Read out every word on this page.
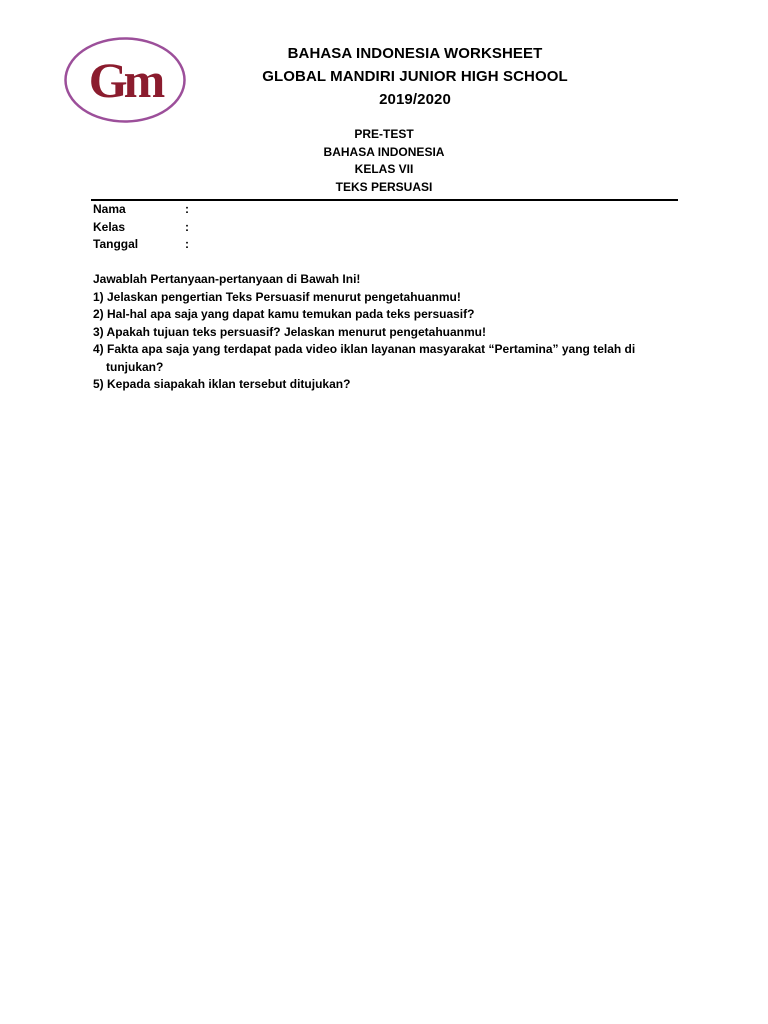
Gm	BAHASA INDONESIA WORKSHEET
GLOBAL MANDIRI JUNIOR HIGH SCHOOL
2019/2020
PRE-TEST
BAHASA INDONESIA
KELAS VII
TEKS PERSUASI
Nama	:
Kelas	:
Tanggal	:
Jawablah Pertanyaan-pertanyaan di Bawah Ini!
1) Jelaskan pengertian Teks Persuasif menurut pengetahuanmu!
2) Hal-hal apa saja yang dapat kamu temukan pada teks persuasif?
3) Apakah tujuan teks persuasif? Jelaskan menurut pengetahuanmu!
4) Fakta apa saja yang terdapat pada video iklan layanan masyarakat “Pertamina” yang telah di
tunjukan?
5) Kepada siapakah iklan tersebut ditujukan?
